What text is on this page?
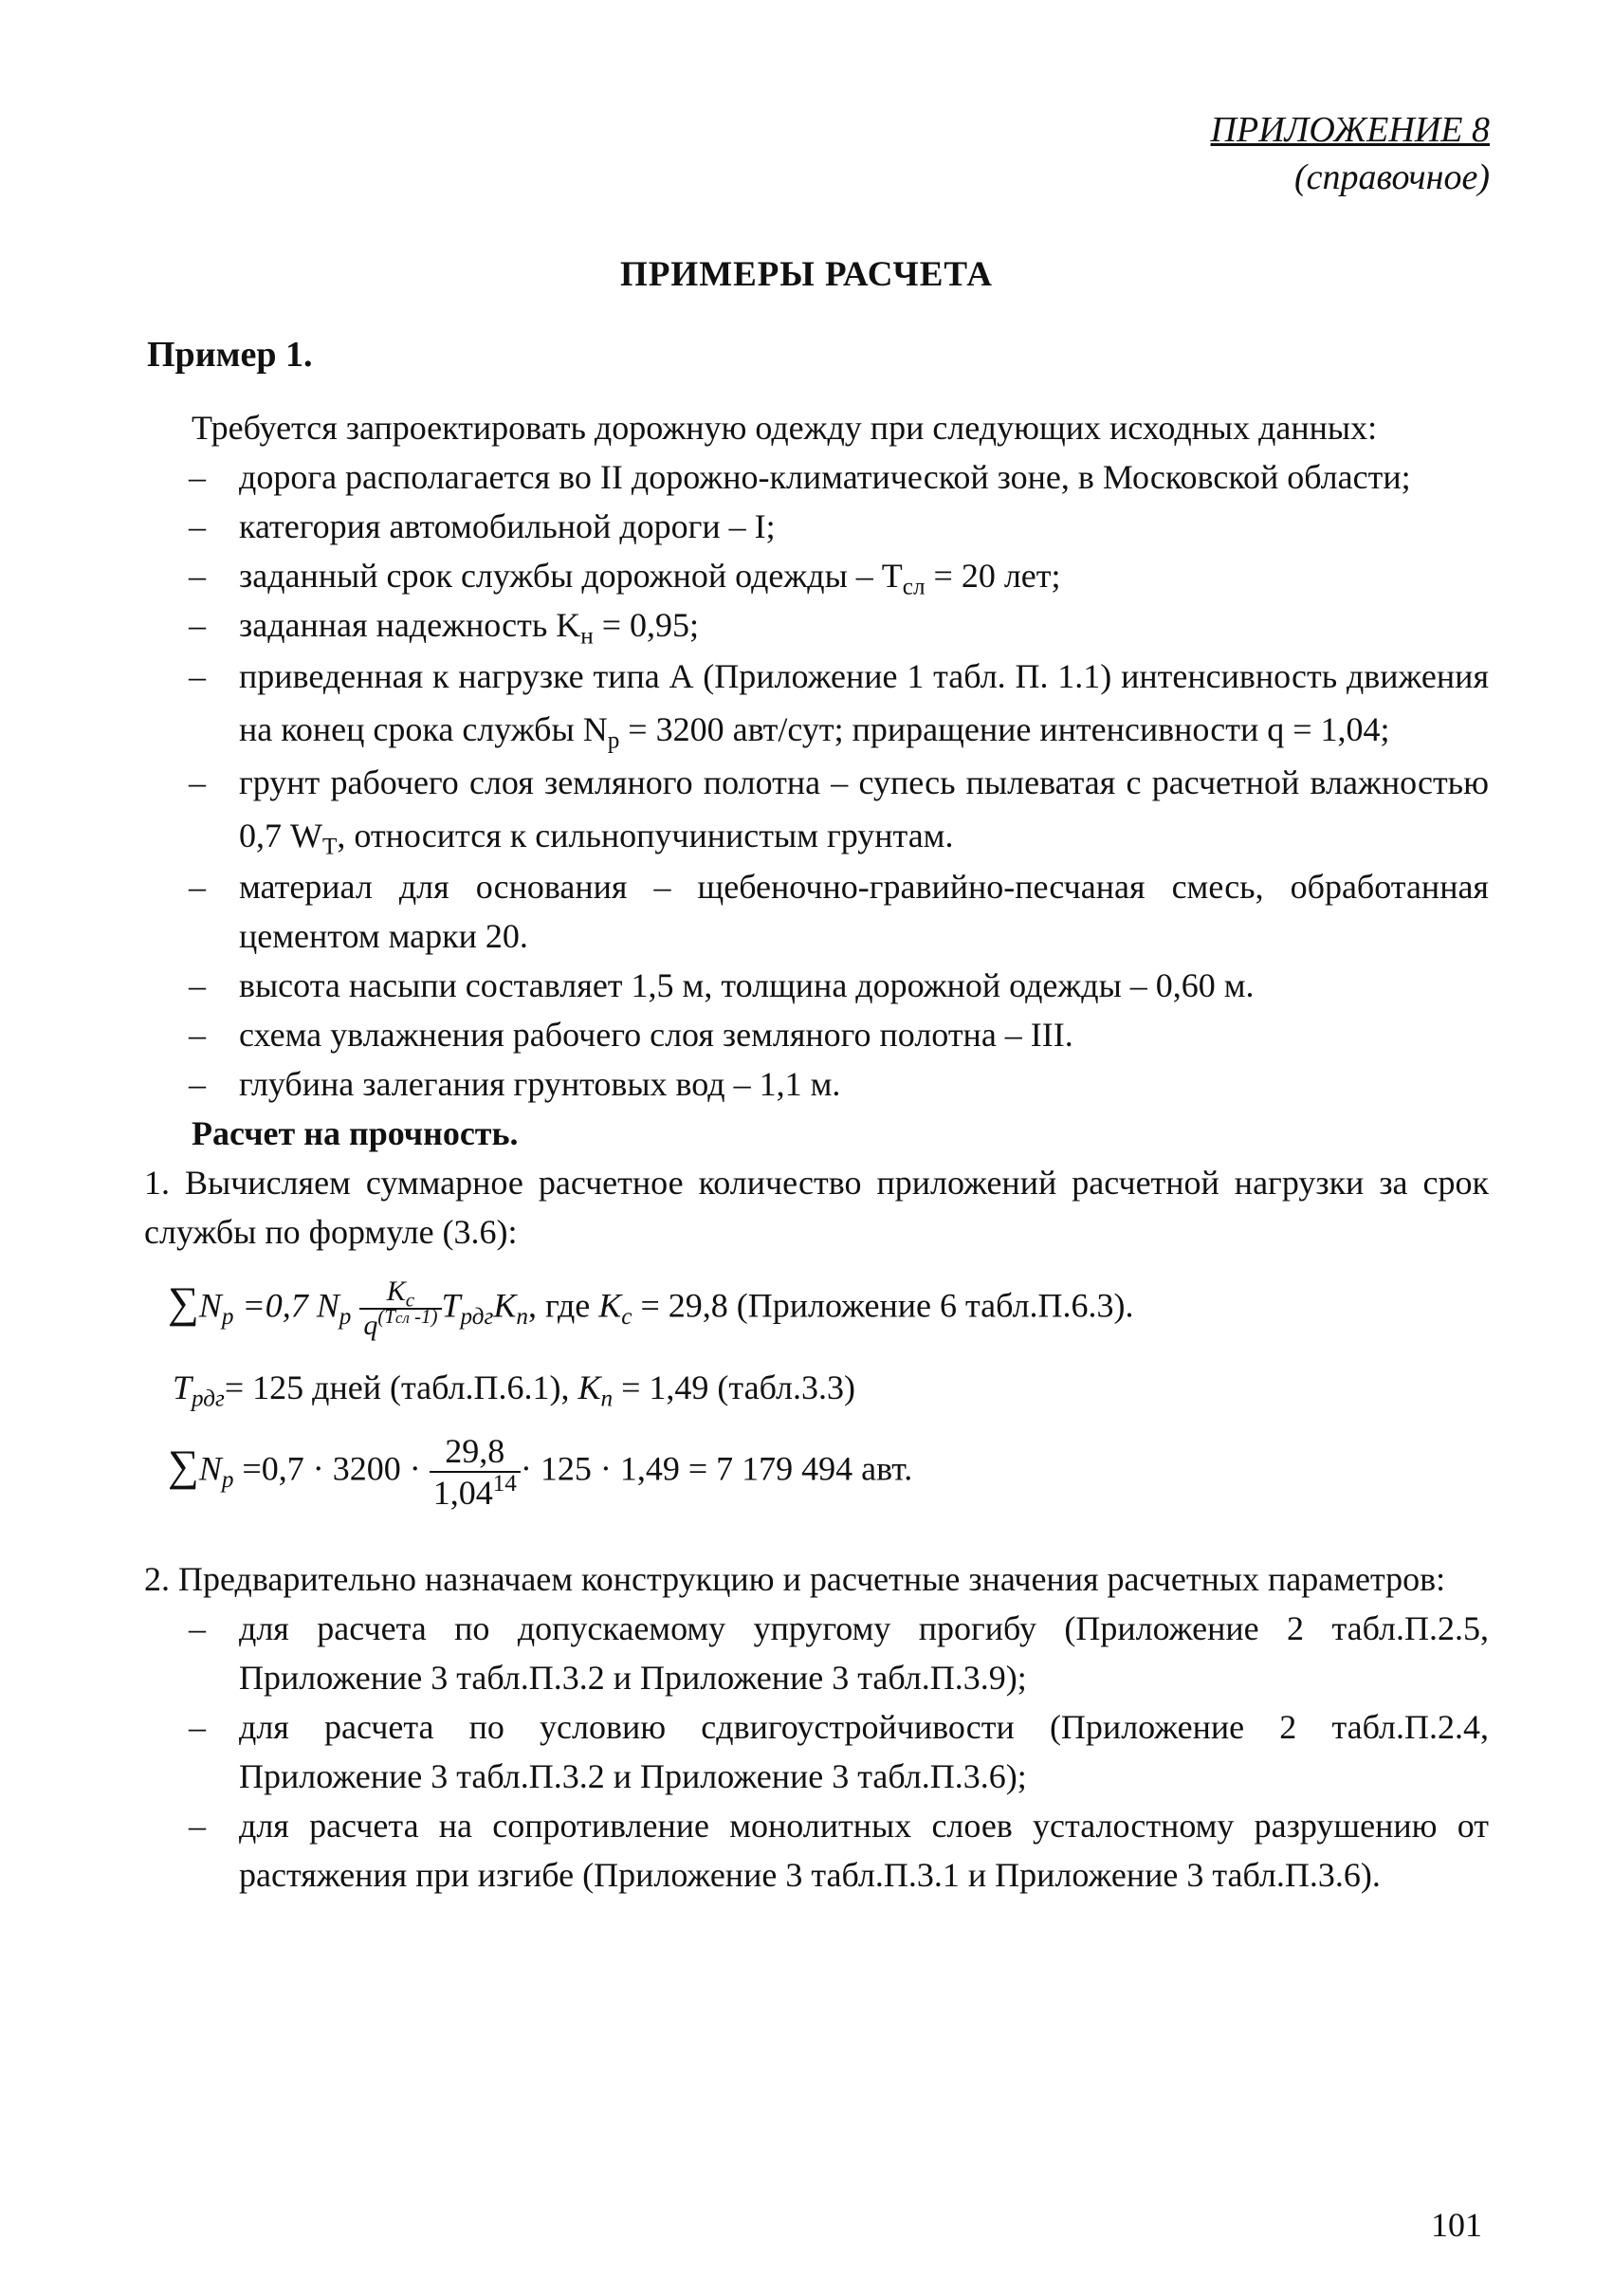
ПРИЛОЖЕНИЕ 8
(справочное)
ПРИМЕРЫ РАСЧЕТА
Пример 1.

Требуется запроектировать дорожную одежду при следующих исходных данных:

– дорога располагается во II дорожно-климатической зоне, в Московской области;
– категория автомобильной дороги – I;
– заданный срок службы дорожной одежды – $T_{сл} = 20$ лет;
– заданная надежность $K_н = 0,95$;
– приведенная к нагрузке типа А (Приложение 1 табл. П. 1.1) интенсивность движения на конец срока службы $N_р = 3200$ авт/сут; приращение интенсивности q = 1,04;
– грунт рабочего слоя земляного полотна – супесь пылеватая с расчетной влажностью 0,7 $W_Т$, относится к сильнопучинистым грунтам.
– материал для основания – щебеночно-гравийно-песчаная смесь, обработанная цементом марки 20.
– высота насыпи составляет 1,5 м, толщина дорожной одежды – 0,60 м.
– схема увлажнения рабочего слоя земляного полотна – III.
– глубина залегания грунтовых вод – 1,1 м.

Расчет на прочность.

1. Вычисляем суммарное расчетное количество приложений расчетной нагрузки за срок службы по формуле (3.6):

$\sum N_p =0,7$ $N_p \frac{K_c}{q^{(Tсл -1)}} T_{рдг}K_n$, где $K_c = 29,8$ (Приложение 6 табл.П.6.3).

$T_{рдг}= 125$ дней (табл.П.6.1), $K_n = 1,49$ (табл.3.3)

$\sum N_p =0,7 \cdot 3200 \cdot \frac{29,8}{1,04^{14}} \cdot 125 \cdot 1,49 = 7$ 179 494 авт.

2. Предварительно назначаем конструкцию и расчетные значения расчетных параметров:

– для расчета по допускаемому упругому прогибу (Приложение 2 табл.П.2.5, Приложение 3 табл.П.3.2 и Приложение 3 табл.П.3.9);
– для расчета по условию сдвигоустройчивости (Приложение 2 табл.П.2.4, Приложение 3 табл.П.3.2 и Приложение 3 табл.П.3.6);
– для расчета на сопротивление монолитных слоев усталостному разрушению от растяжения при изгибе (Приложение 3 табл.П.3.1 и Приложение 3 табл.П.3.6).
101
